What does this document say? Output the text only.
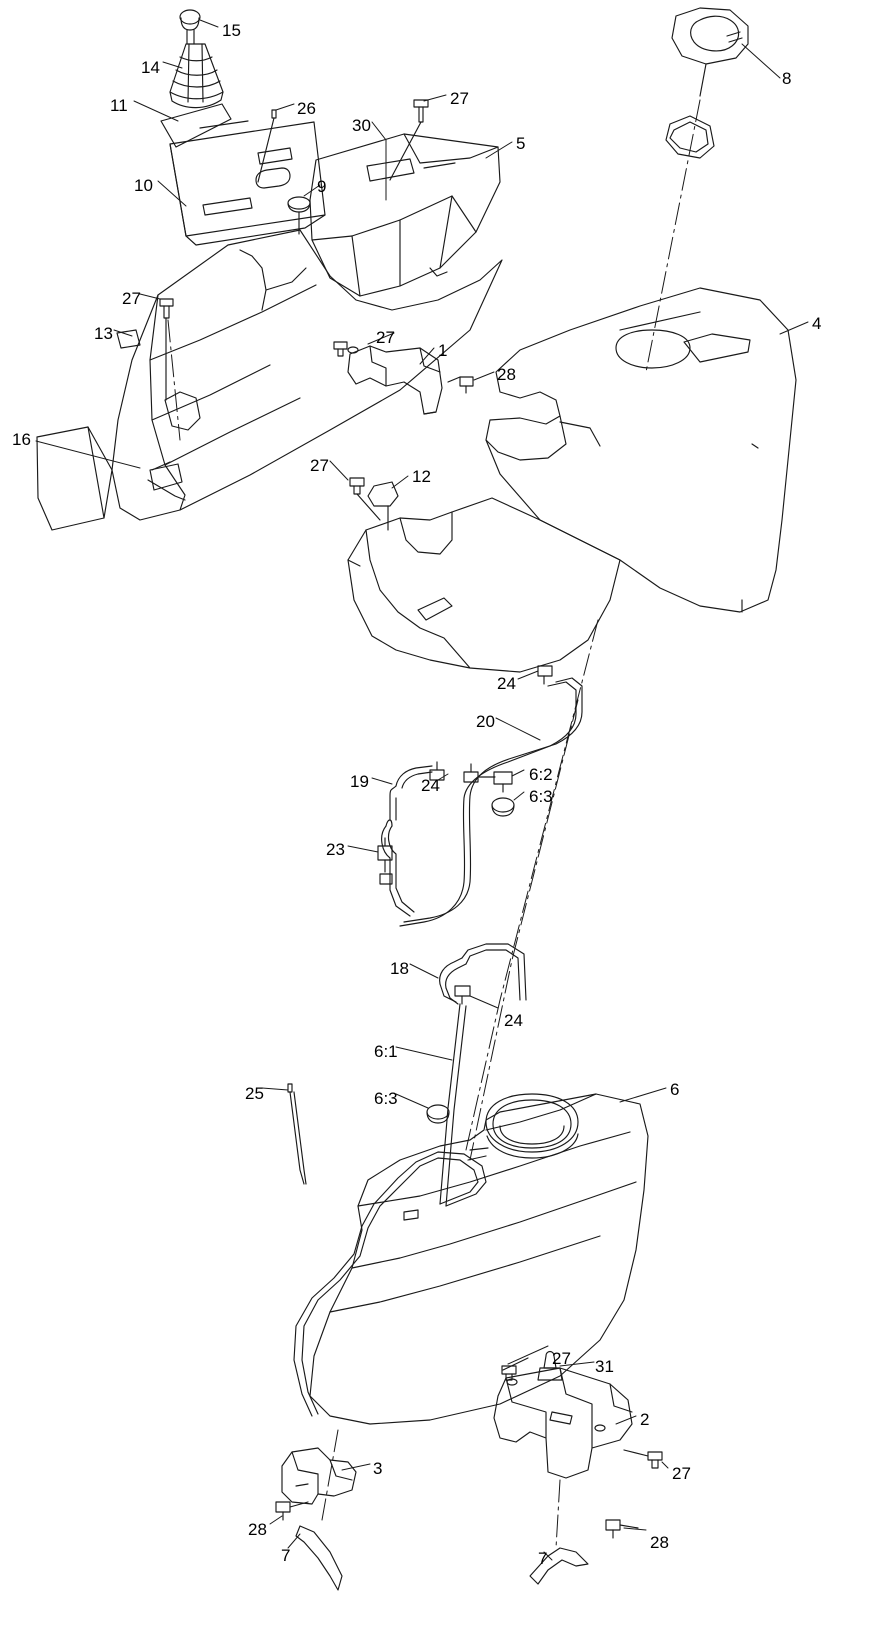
15
8
14
26
27
11
30
5
10	9
4
27
13	27
1
28
16
27
12
24
20
24
6:2
19
6:3
23
18
24
6:1
25	6
6:3
27 31
2
3	27
28
28
7	7
